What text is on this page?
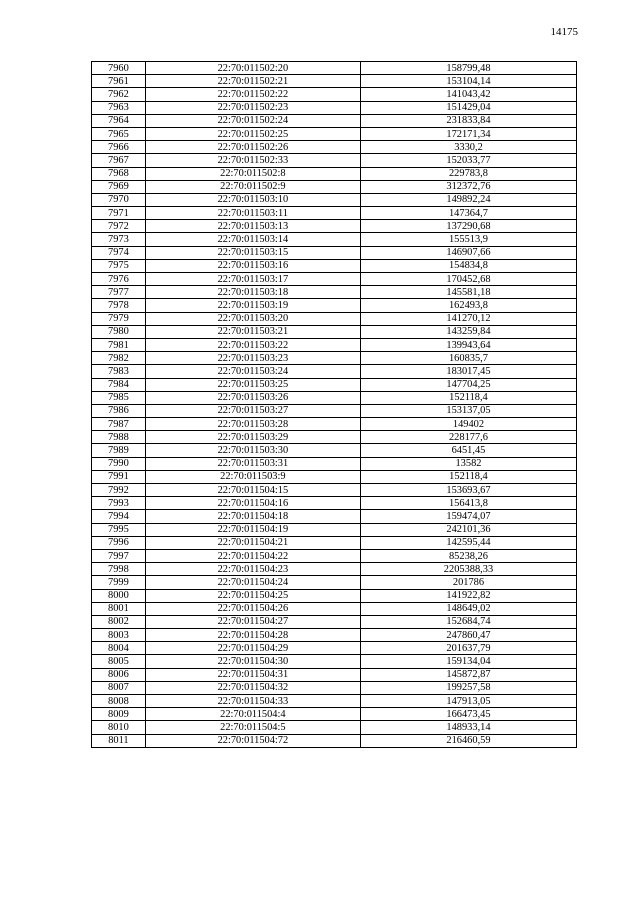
14175
7960	22:70:011502:20	158799,48
7961	22:70:011502:21	153104,14
7962	22:70:011502:22	141043,42
7963	22:70:011502:23	151429,04
7964	22:70:011502:24	231833,84
7965	22:70:011502:25	172171,34
7966	22:70:011502:26	3330,2
7967	22:70:011502:33	152033,77
7968	22:70:011502:8	229783,8
7969	22:70:011502:9	312372,76
7970	22:70:011503:10	149892,24
7971	22:70:011503:11	147364,7
7972	22:70:011503:13	137290,68
7973	22:70:011503:14	155513,9
7974	22:70:011503:15	146907,66
7975	22:70:011503:16	154834,8
7976	22:70:011503:17	170452,68
7977	22:70:011503:18	145581,18
7978	22:70:011503:19	162493,8
7979	22:70:011503:20	141270,12
7980	22:70:011503:21	143259,84
7981	22:70:011503:22	139943,64
7982	22:70:011503:23	160835,7
7983	22:70:011503:24	183017,45
7984	22:70:011503:25	147704,25
7985	22:70:011503:26	152118,4
7986	22:70:011503:27	153137,05
7987	22:70:011503:28	149402
7988	22:70:011503:29	228177,6
7989	22:70:011503:30	6451,45
7990	22:70:011503:31	13582
7991	22:70:011503:9	152118,4
7992	22:70:011504:15	153693,67
7993	22:70:011504:16	156413,8
7994	22:70:011504:18	159474,07
7995	22:70:011504:19	242101,36
7996	22:70:011504:21	142595,44
7997	22:70:011504:22	85238,26
7998	22:70:011504:23	2205388,33
7999	22:70:011504:24	201786
8000	22:70:011504:25	141922,82
8001	22:70:011504:26	148649,02
8002	22:70:011504:27	152684,74
8003	22:70:011504:28	247860,47
8004	22:70:011504:29	201637,79
8005	22:70:011504:30	159134,04
8006	22:70:011504:31	145872,87
8007	22:70:011504:32	199257,58
8008	22:70:011504:33	147913,05
8009	22:70:011504:4	166473,45
8010	22:70:011504:5	148933,14
8011	22:70:011504:72	216460,59
